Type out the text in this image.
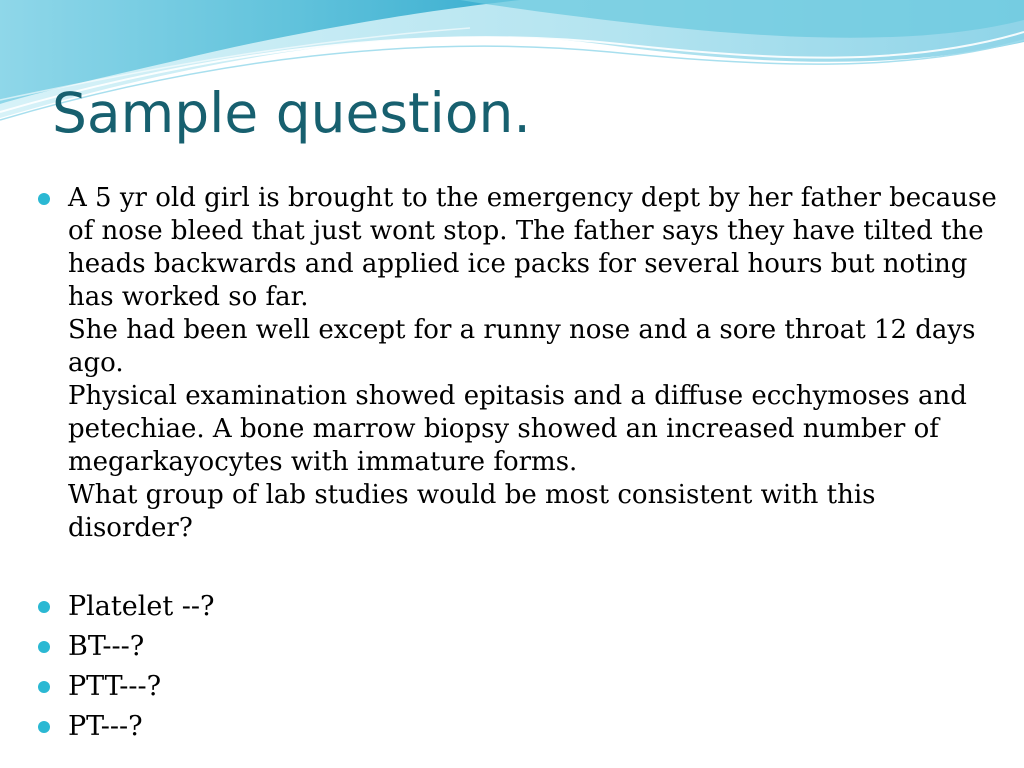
Sample question.

A 5 yr old girl is brought to the emergency dept by her father because of nose bleed that just wont stop. The father says they have tilted the heads backwards and applied ice packs for several hours but noting has worked so far.

She had been well except for a runny nose and a sore throat 12 days ago.

Physical examination showed epitasis and a diffuse ecchymoses and petechiae. A bone marrow biopsy showed an increased number of megarkayocytes with immature forms.

What group of lab studies would be most consistent with this disorder?

Platelet --?
BT---?
PTT---?
PT---?
